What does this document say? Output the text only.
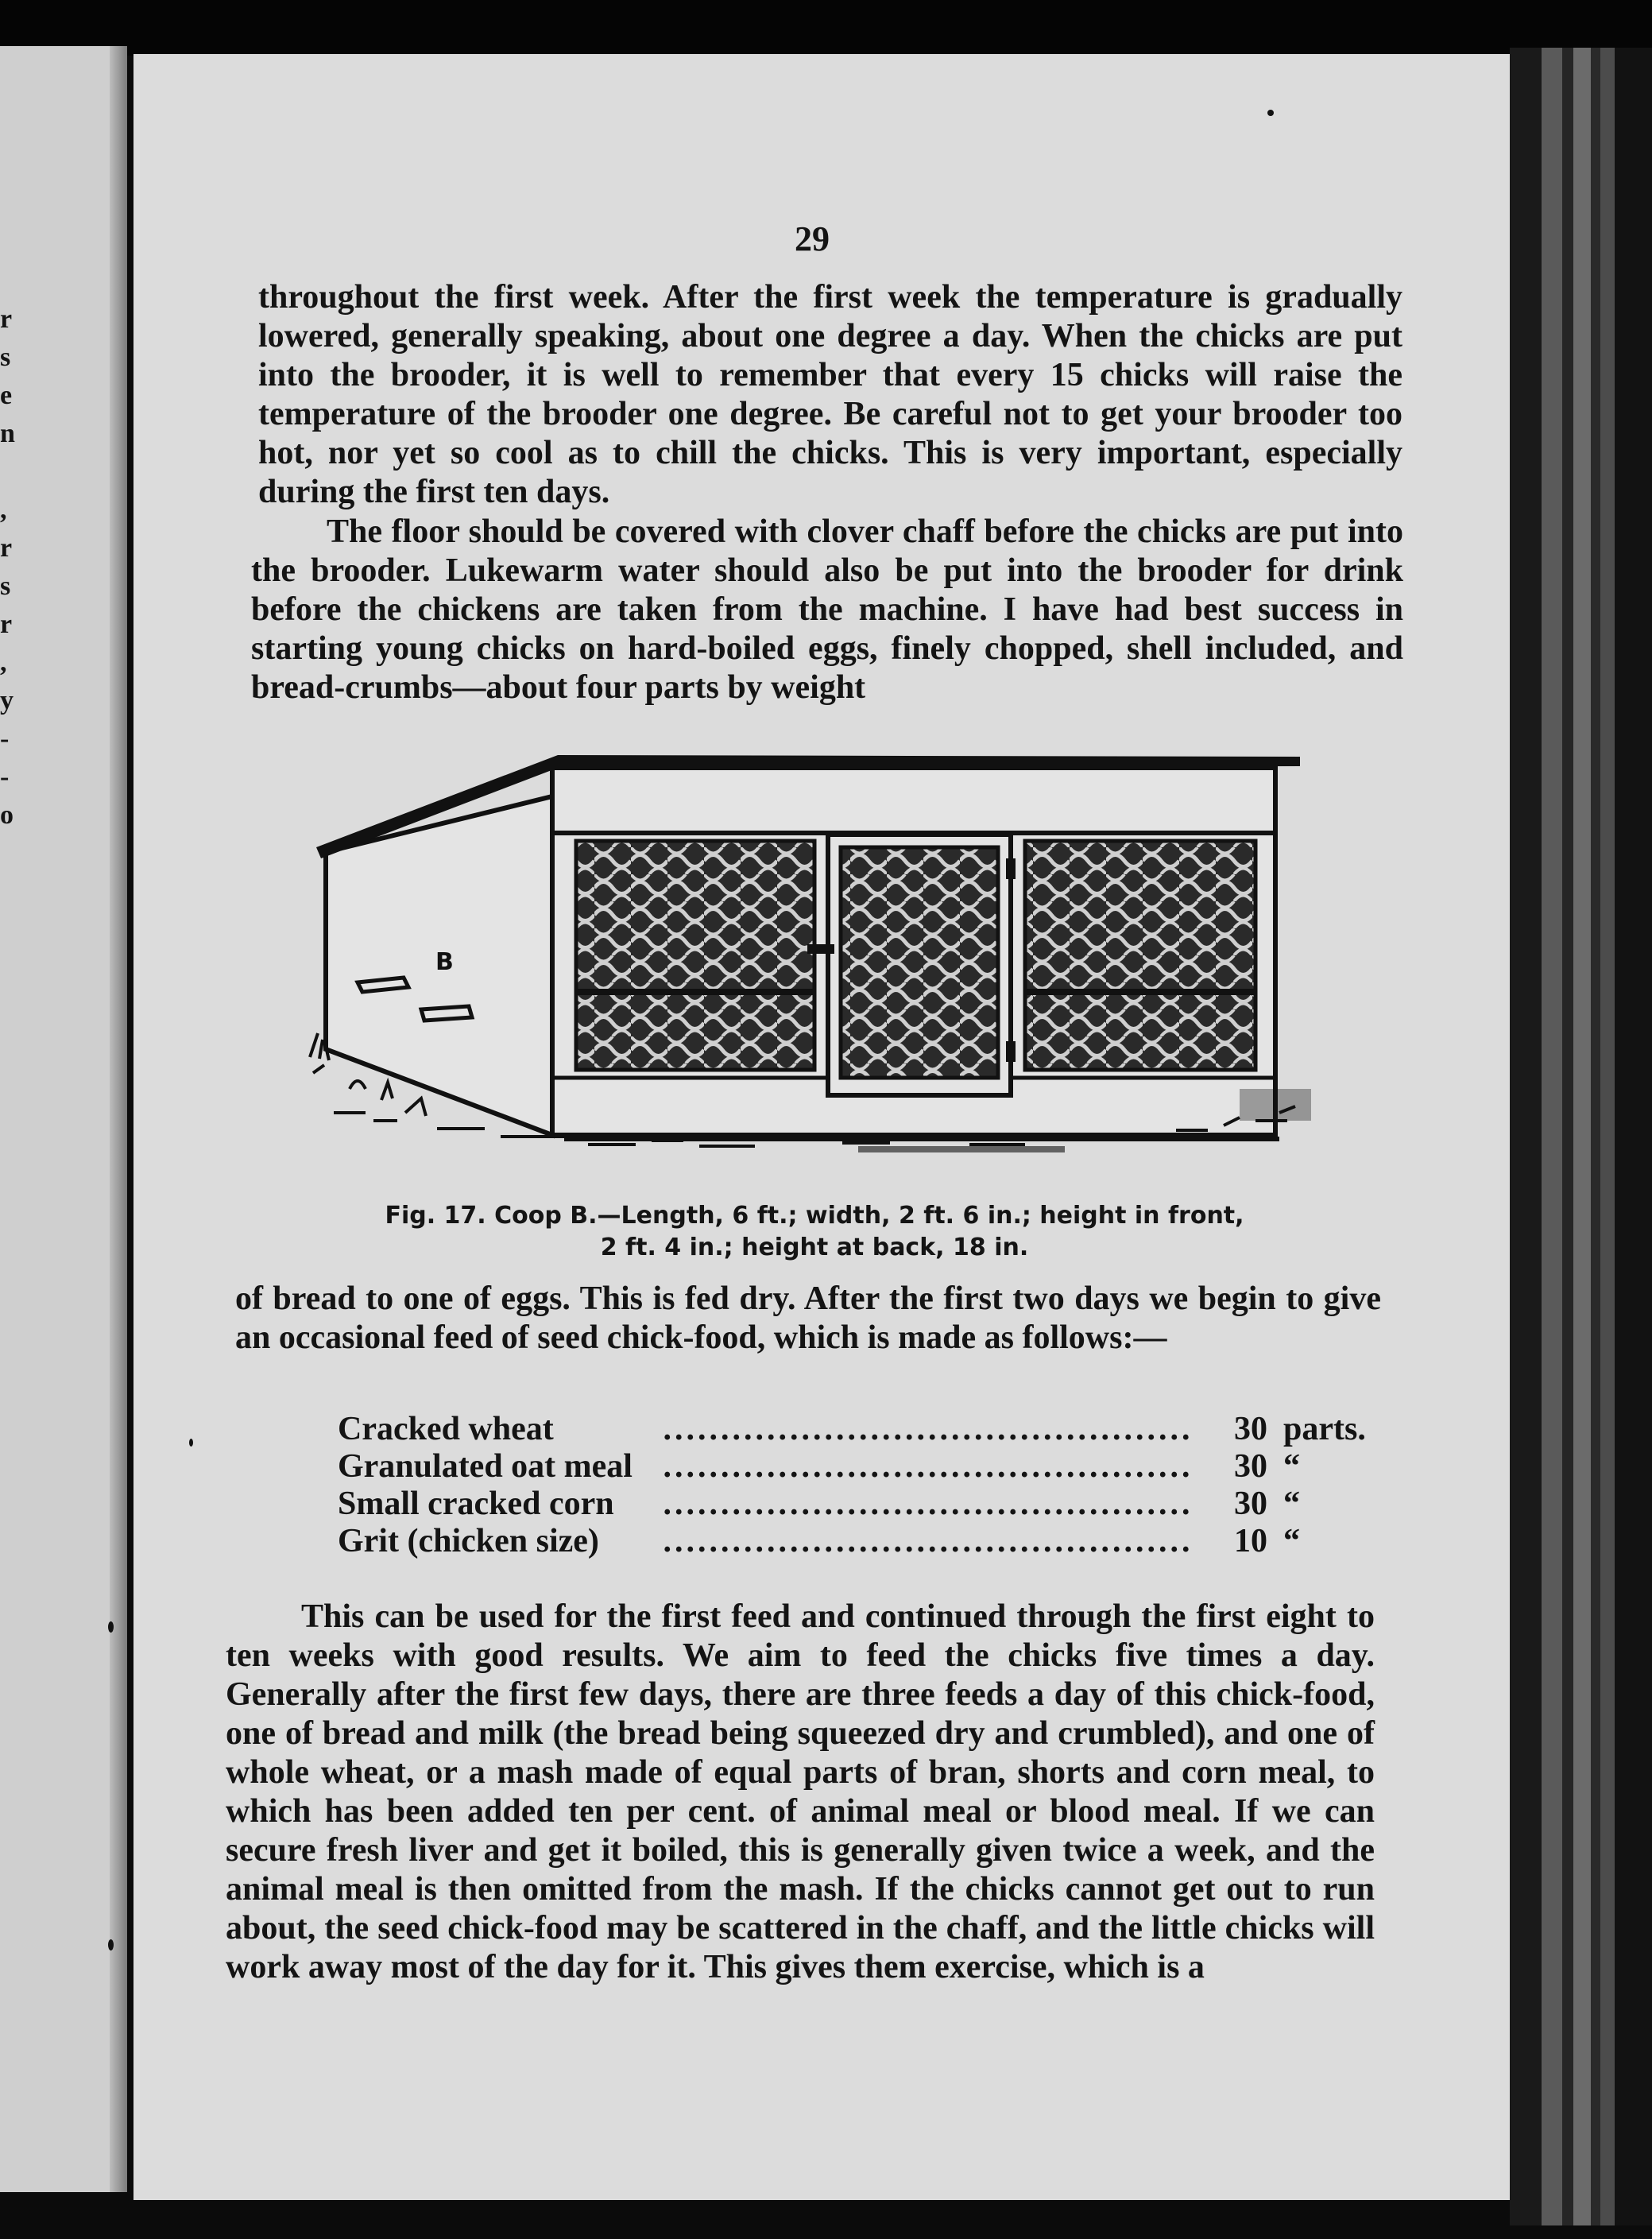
r
s
e
n

,
r
s
r
,
y
-
-
o
29

throughout the first week. After the first week the temperature is gradually lowered, generally speaking, about one degree a day. When the chicks are put into the brooder, it is well to remember that every 15 chicks will raise the temperature of the brooder one degree. Be careful not to get your brooder too hot, nor yet so cool as to chill the chicks. This is very important, especially during the first ten days.

The floor should be covered with clover chaff before the chicks are put into the brooder. Lukewarm water should also be put into the brooder for drink before the chickens are taken from the machine. I have had best success in starting young chicks on hard-boiled eggs, finely chopped, shell included, and bread-crumbs—about four parts by weight

B
Fig. 17. Coop B.—Length, 6 ft.; width, 2 ft. 6 in.; height in front,
2 ft. 4 in.; height at back, 18 in.

of bread to one of eggs. This is fed dry. After the first two days we begin to give an occasional feed of seed chick-food, which is made as follows:—

Cracked wheat	..............................................	30	parts.
Granulated oat meal	..............................................	30	“
Small cracked corn	..............................................	30	“
Grit (chicken size)	..............................................	10	“

This can be used for the first feed and continued through the first eight to ten weeks with good results. We aim to feed the chicks five times a day. Generally after the first few days, there are three feeds a day of this chick-food, one of bread and milk (the bread being squeezed dry and crumbled), and one of whole wheat, or a mash made of equal parts of bran, shorts and corn meal, to which has been added ten per cent. of animal meal or blood meal. If we can secure fresh liver and get it boiled, this is generally given twice a week, and the animal meal is then omitted from the mash. If the chicks cannot get out to run about, the seed chick-food may be scattered in the chaff, and the little chicks will work away most of the day for it. This gives them exercise, which is a
